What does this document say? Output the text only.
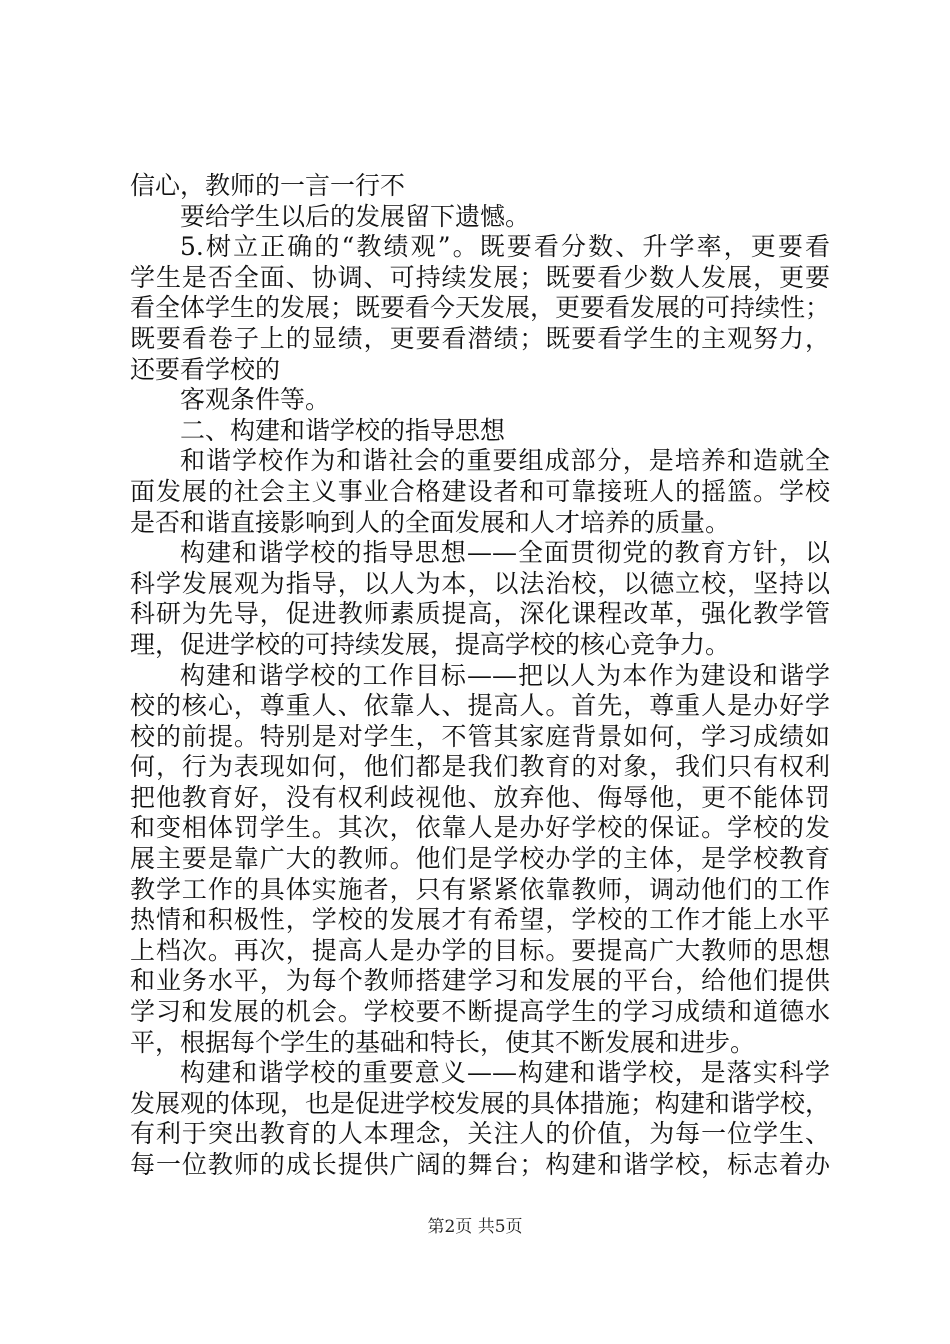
信心，教师的一言一行不
要给学生以后的发展留下遗憾。
5.树立正确的“教绩观”。既要看分数、升学率，更要看
学生是否全面、协调、可持续发展；既要看少数人发展，更要
看全体学生的发展；既要看今天发展，更要看发展的可持续性；
既要看卷子上的显绩，更要看潜绩；既要看学生的主观努力，
还要看学校的
客观条件等。
二、构建和谐学校的指导思想
和谐学校作为和谐社会的重要组成部分，是培养和造就全
面发展的社会主义事业合格建设者和可靠接班人的摇篮。学校
是否和谐直接影响到人的全面发展和人才培养的质量。
构建和谐学校的指导思想——全面贯彻党的教育方针，以
科学发展观为指导，以人为本，以法治校，以德立校，坚持以
科研为先导，促进教师素质提高，深化课程改革，强化教学管
理，促进学校的可持续发展，提高学校的核心竞争力。
构建和谐学校的工作目标——把以人为本作为建设和谐学
校的核心，尊重人、依靠人、提高人。首先，尊重人是办好学
校的前提。特别是对学生，不管其家庭背景如何，学习成绩如
何，行为表现如何，他们都是我们教育的对象，我们只有权利
把他教育好，没有权利歧视他、放弃他、侮辱他，更不能体罚
和变相体罚学生。其次，依靠人是办好学校的保证。学校的发
展主要是靠广大的教师。他们是学校办学的主体，是学校教育
教学工作的具体实施者，只有紧紧依靠教师，调动他们的工作
热情和积极性，学校的发展才有希望，学校的工作才能上水平
上档次。再次，提高人是办学的目标。要提高广大教师的思想
和业务水平，为每个教师搭建学习和发展的平台，给他们提供
学习和发展的机会。学校要不断提高学生的学习成绩和道德水
平，根据每个学生的基础和特长，使其不断发展和进步。
构建和谐学校的重要意义——构建和谐学校，是落实科学
发展观的体现，也是促进学校发展的具体措施；构建和谐学校，
有利于突出教育的人本理念，关注人的价值，为每一位学生、
每一位教师的成长提供广阔的舞台；构建和谐学校，标志着办
第2页 共5页
